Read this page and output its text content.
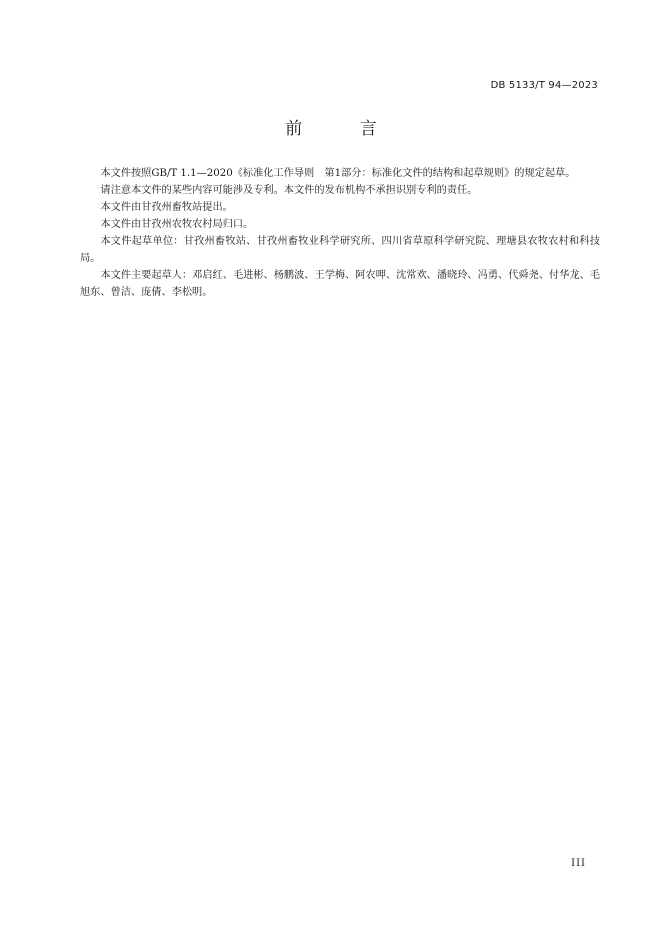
DB 5133/T 94—2023
前 言

本文件按照GB/T 1.1—2020《标准化工作导则　第1部分：标准化文件的结构和起草规则》的规定起草。

请注意本文件的某些内容可能涉及专利。本文件的发布机构不承担识别专利的责任。

本文件由甘孜州畜牧站提出。

本文件由甘孜州农牧农村局归口。

本文件起草单位：甘孜州畜牧站、甘孜州畜牧业科学研究所、四川省草原科学研究院、理塘县农牧农村和科技局。

本文件主要起草人：邓启红、毛进彬、杨鹏波、王学梅、阿农呷、沈常欢、潘晓玲、冯勇、代舜尧、付华龙、毛旭东、曾洁、庞倩、李松明。

III
